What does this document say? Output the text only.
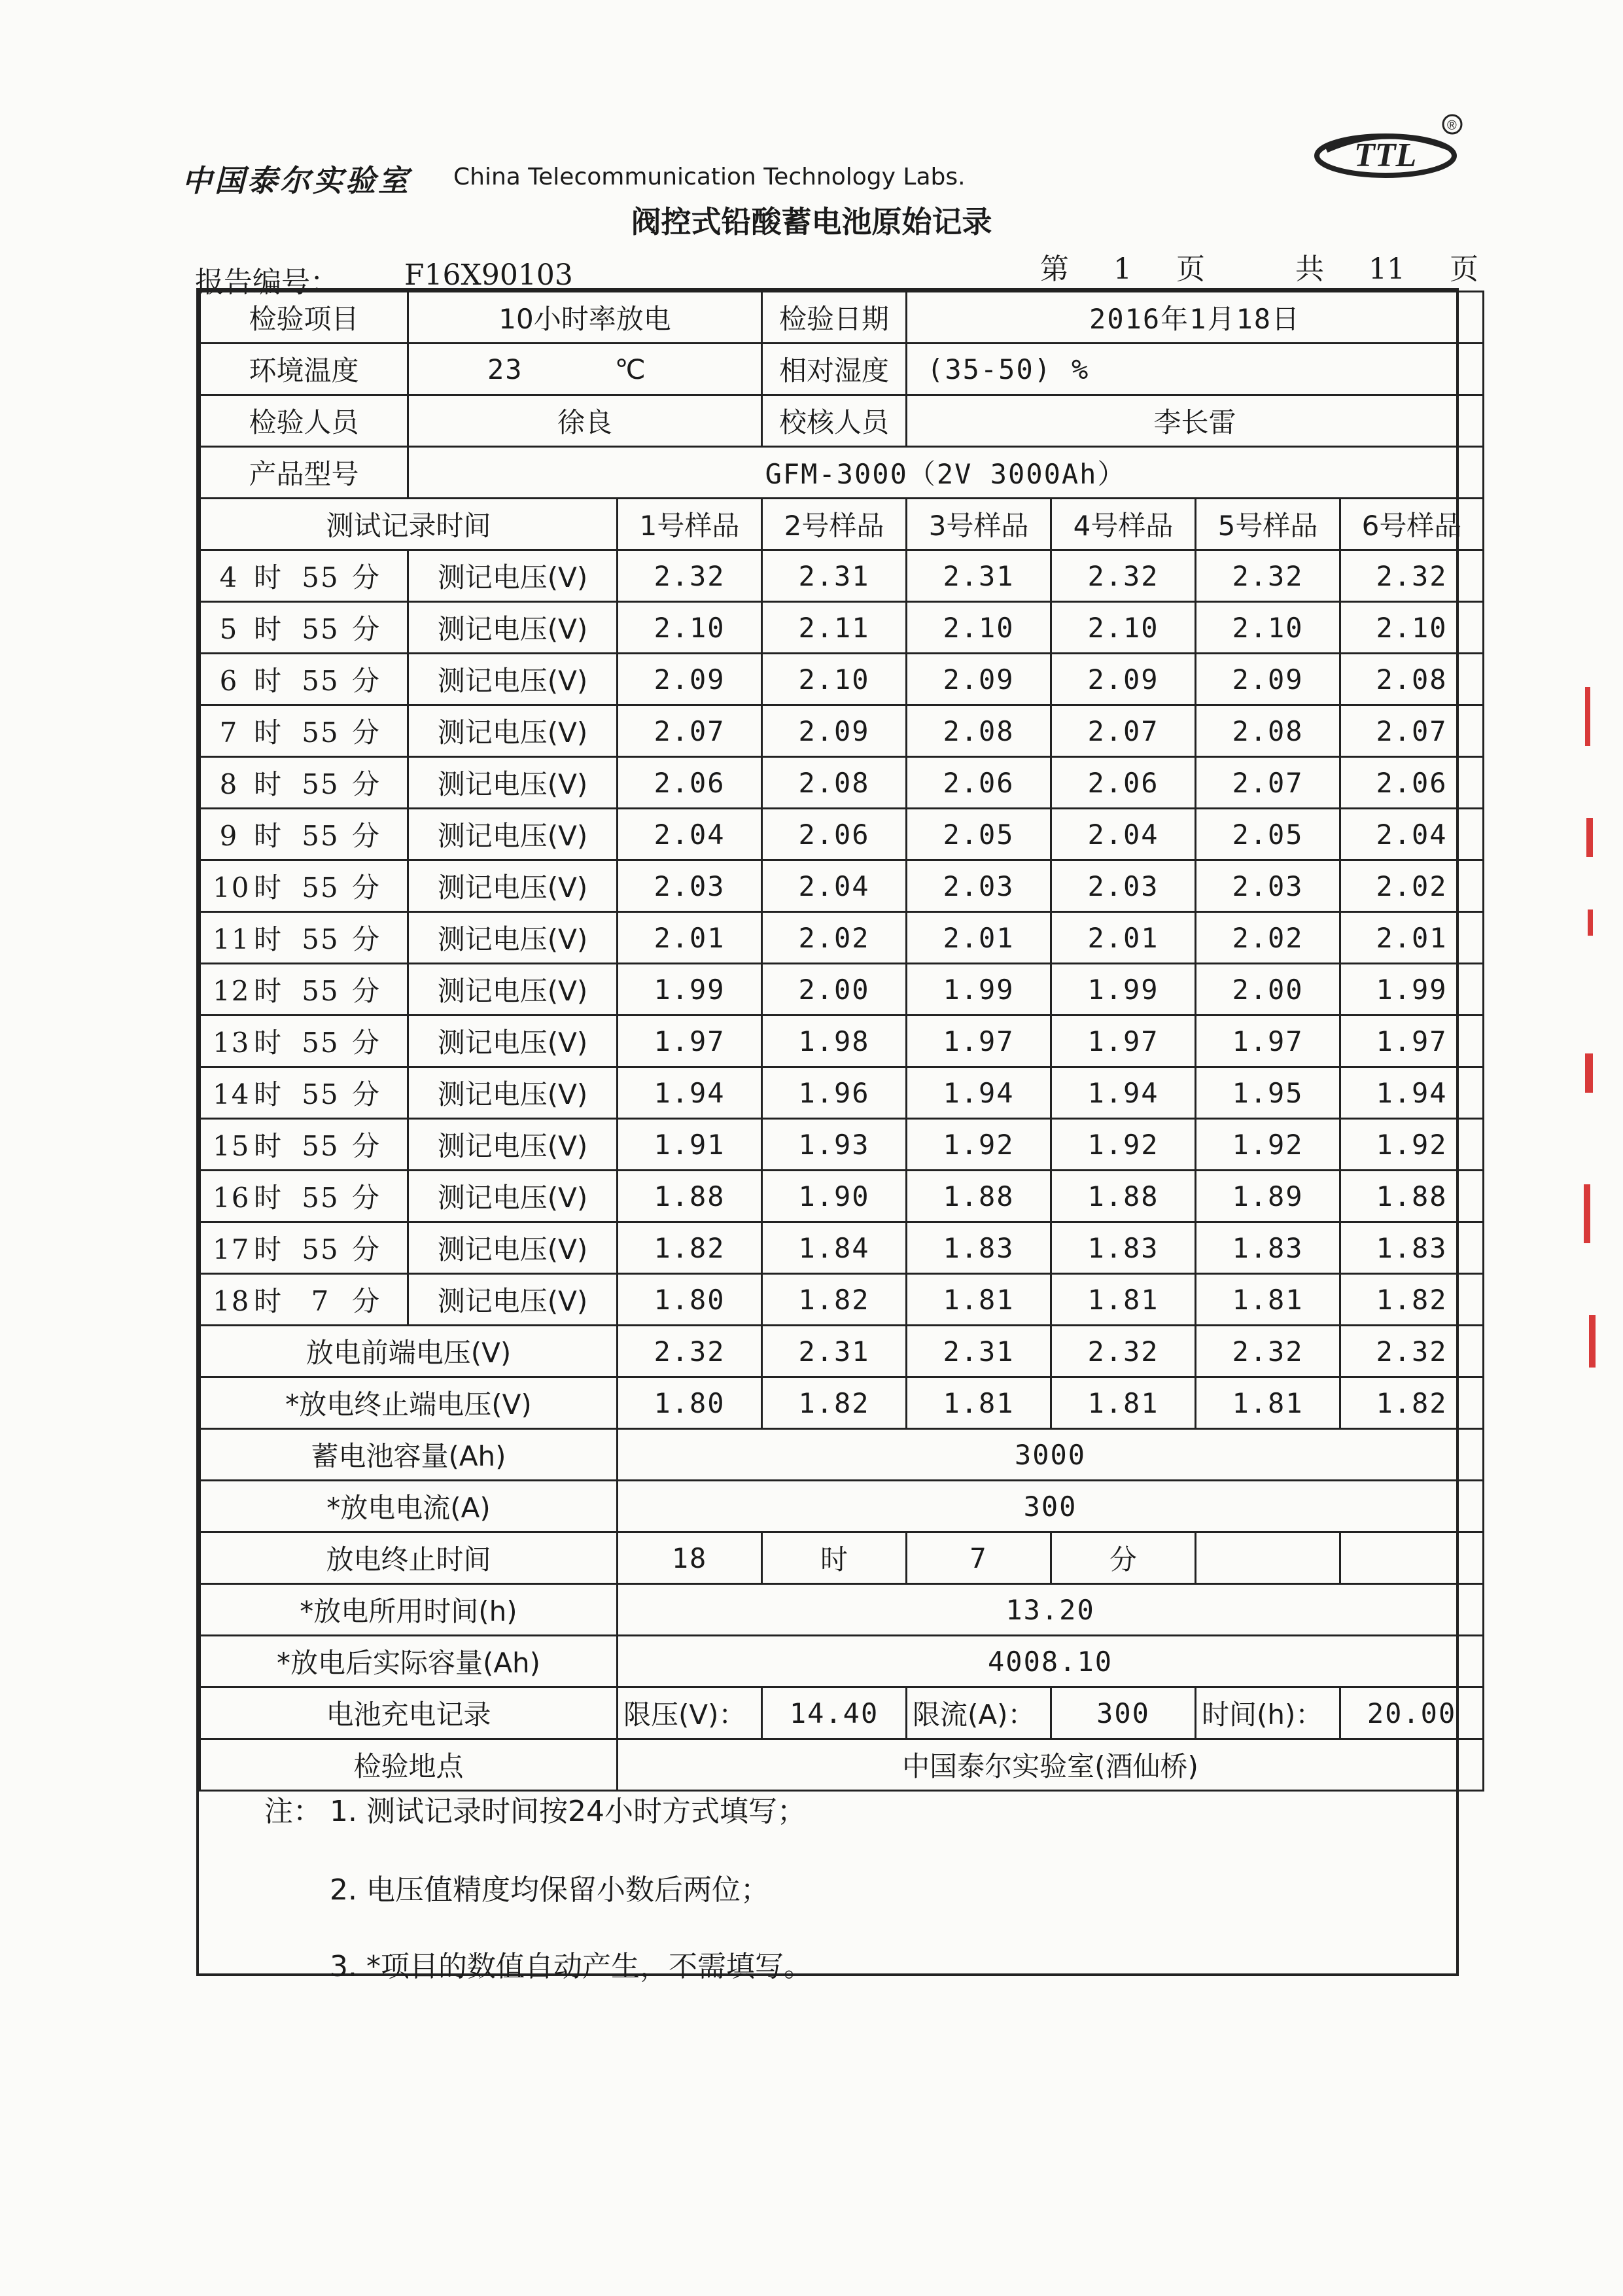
中国泰尔实验室 China Telecommunication Technology Labs.
TTL
®
阀控式铅酸蓄电池原始记录
报告编号： F16X90103	第 1 页	共 11 页
检验项目	10小时率放电		检验日期	2016年1月18日			
环境温度	23 ℃		相对湿度	(35-50) %			
检验人员	徐良		校核人员	李长雷			
产品型号	GFM-3000（2V 3000Ah）						
测试记录时间		1号样品	2号样品	3号样品	4号样品	5号样品	6号样品
4 时 55 分	测记电压(V)	2.32	2.31	2.31	2.32	2.32	2.32
5 时 55 分	测记电压(V)	2.10	2.11	2.10	2.10	2.10	2.10
6 时 55 分	测记电压(V)	2.09	2.10	2.09	2.09	2.09	2.08
7 时 55 分	测记电压(V)	2.07	2.09	2.08	2.07	2.08	2.07
8 时 55 分	测记电压(V)	2.06	2.08	2.06	2.06	2.07	2.06
9 时 55 分	测记电压(V)	2.04	2.06	2.05	2.04	2.05	2.04
10 时 55 分	测记电压(V)	2.03	2.04	2.03	2.03	2.03	2.02
11 时 55 分	测记电压(V)	2.01	2.02	2.01	2.01	2.02	2.01
12 时 55 分	测记电压(V)	1.99	2.00	1.99	1.99	2.00	1.99
13 时 55 分	测记电压(V)	1.97	1.98	1.97	1.97	1.97	1.97
14 时 55 分	测记电压(V)	1.94	1.96	1.94	1.94	1.95	1.94
15 时 55 分	测记电压(V)	1.91	1.93	1.92	1.92	1.92	1.92
16 时 55 分	测记电压(V)	1.88	1.90	1.88	1.88	1.89	1.88
17 时 55 分	测记电压(V)	1.82	1.84	1.83	1.83	1.83	1.83
18 时 7 分	测记电压(V)	1.80	1.82	1.81	1.81	1.81	1.82
放电前端电压(V)		2.32	2.31	2.31	2.32	2.32	2.32
*放电终止端电压(V)		1.80	1.82	1.81	1.81	1.81	1.82
蓄电池容量(Ah)		3000					
*放电电流(A)		300					
放电终止时间		18	时	7	分		
*放电所用时间(h)		13.20					
*放电后实际容量(Ah)		4008.10					
电池充电记录		限压(V)：	14.40	限流(A)：	300	时间(h)：	20.00
检验地点		中国泰尔实验室(酒仙桥)					
注： 1. 测试记录时间按24小时方式填写；
2. 电压值精度均保留小数后两位；
3. *项目的数值自动产生，不需填写。
